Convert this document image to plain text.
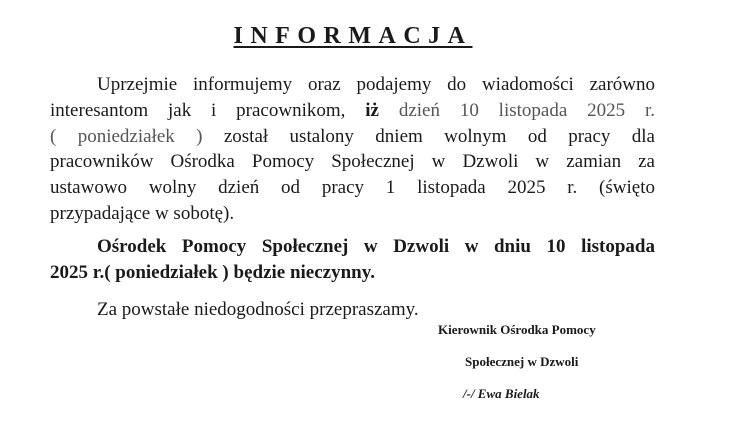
INFORMACJA
Uprzejmie informujemy oraz podajemy do wiadomości zarówno
interesantom jak i pracownikom, iż dzień 10 listopada 2025 r.
( poniedziałek ) został ustalony dniem wolnym od pracy dla
pracowników Ośrodka Pomocy Społecznej w Dzwoli w zamian za
ustawowo wolny dzień od pracy 1 listopada 2025 r. (święto
przypadające w sobotę).
Ośrodek Pomocy Społecznej w Dzwoli w dniu 10 listopada
2025 r.( poniedziałek ) będzie nieczynny.
Za powstałe niedogodności przepraszamy.
Kierownik Ośrodka Pomocy
Społecznej w Dzwoli
/-/ Ewa Bielak
